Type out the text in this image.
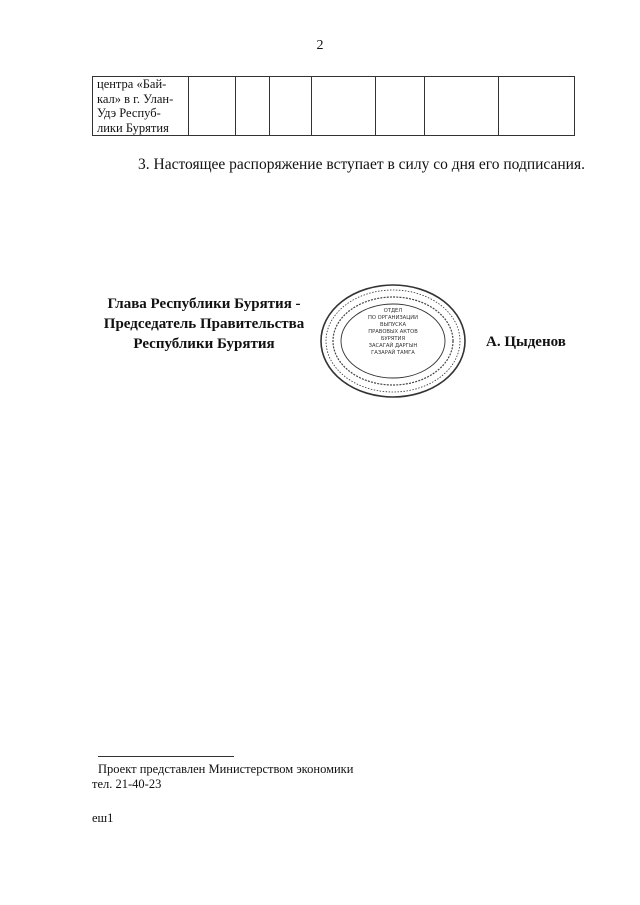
2
центра «Бай-
кал» в г. Улан-
Удэ Респуб-
лики Бурятия

3. Настоящее распоряжение вступает в силу со дня его подписания.
Глава Республики Бурятия -
Председатель Правительства
Республики Бурятия
ОТДЕЛ
ПО ОРГАНИЗАЦИИ
ВЫПУСКА
ПРАВОВЫХ АКТОВ
БУРЯТИЯ
ЗАСАГАЙ ДАРГЫН
ГАЗАРАЙ ТАМГА
А. Цыденов
Проект представлен Министерством экономики
тел. 21-40-23
еш1
